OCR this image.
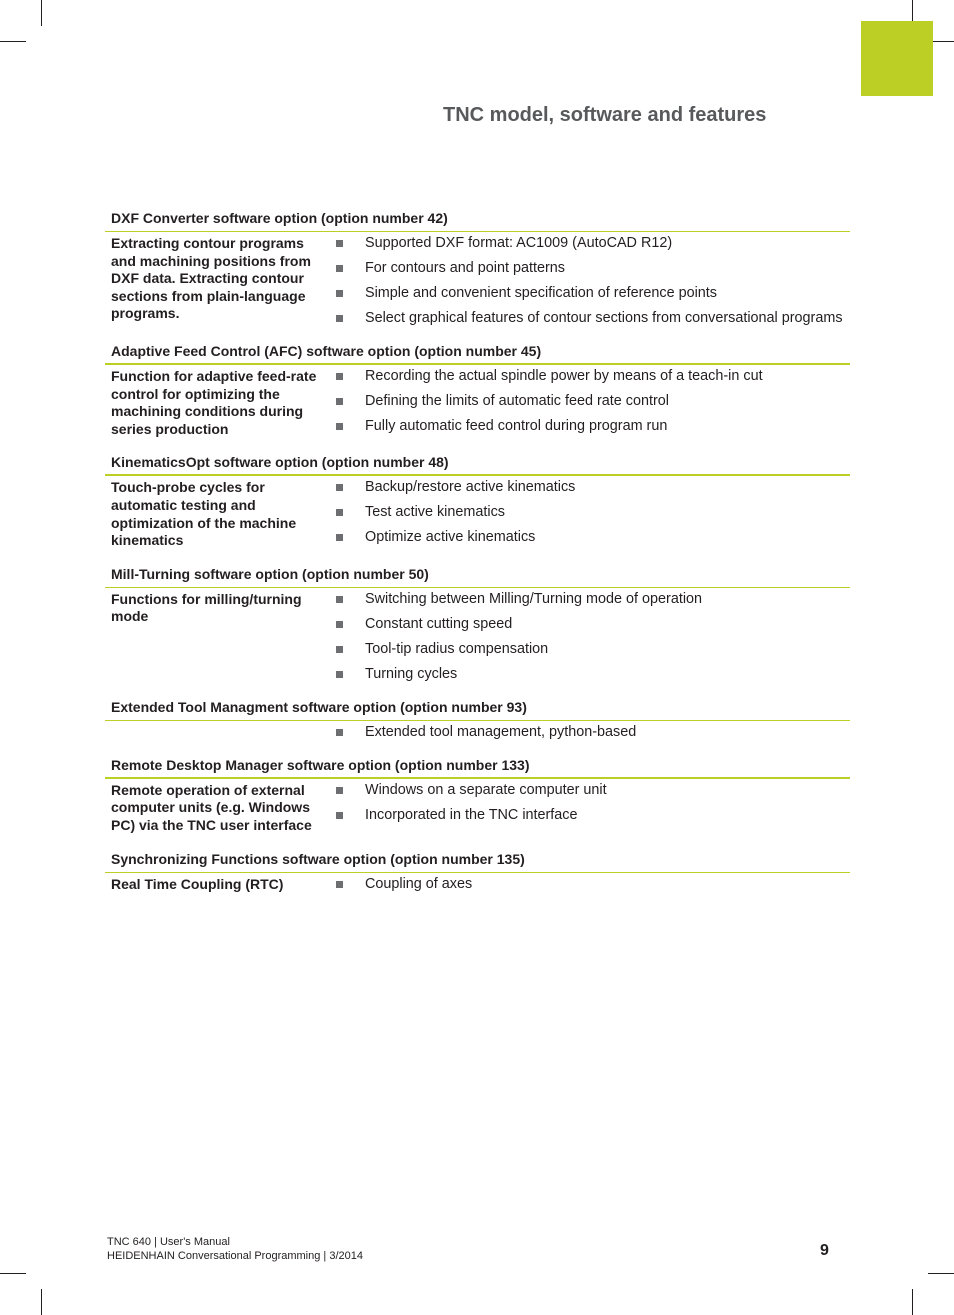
TNC model, software and features
DXF Converter software option (option number 42)
Extracting contour programs and machining positions from DXF data. Extracting contour sections from plain-language programs.
Supported DXF format: AC1009 (AutoCAD R12)
For contours and point patterns
Simple and convenient specification of reference points
Select graphical features of contour sections from conversational programs
Adaptive Feed Control (AFC) software option (option number 45)
Function for adaptive feed-rate control for optimizing the machining conditions during series production
Recording the actual spindle power by means of a teach-in cut
Defining the limits of automatic feed rate control
Fully automatic feed control during program run
KinematicsOpt software option (option number 48)
Touch-probe cycles for automatic testing and optimization of the machine kinematics
Backup/restore active kinematics
Test active kinematics
Optimize active kinematics
Mill-Turning software option (option number 50)
Functions for milling/turning mode
Switching between Milling/Turning mode of operation
Constant cutting speed
Tool-tip radius compensation
Turning cycles
Extended Tool Managment software option (option number 93)
Extended tool management, python-based
Remote Desktop Manager software option (option number 133)
Remote operation of external computer units (e.g. Windows PC) via the TNC user interface
Windows on a separate computer unit
Incorporated in the TNC interface
Synchronizing Functions software option (option number 135)
Real Time Coupling (RTC)	Coupling of axes
TNC 640 | User's Manual
HEIDENHAIN Conversational Programming | 3/2014	9
